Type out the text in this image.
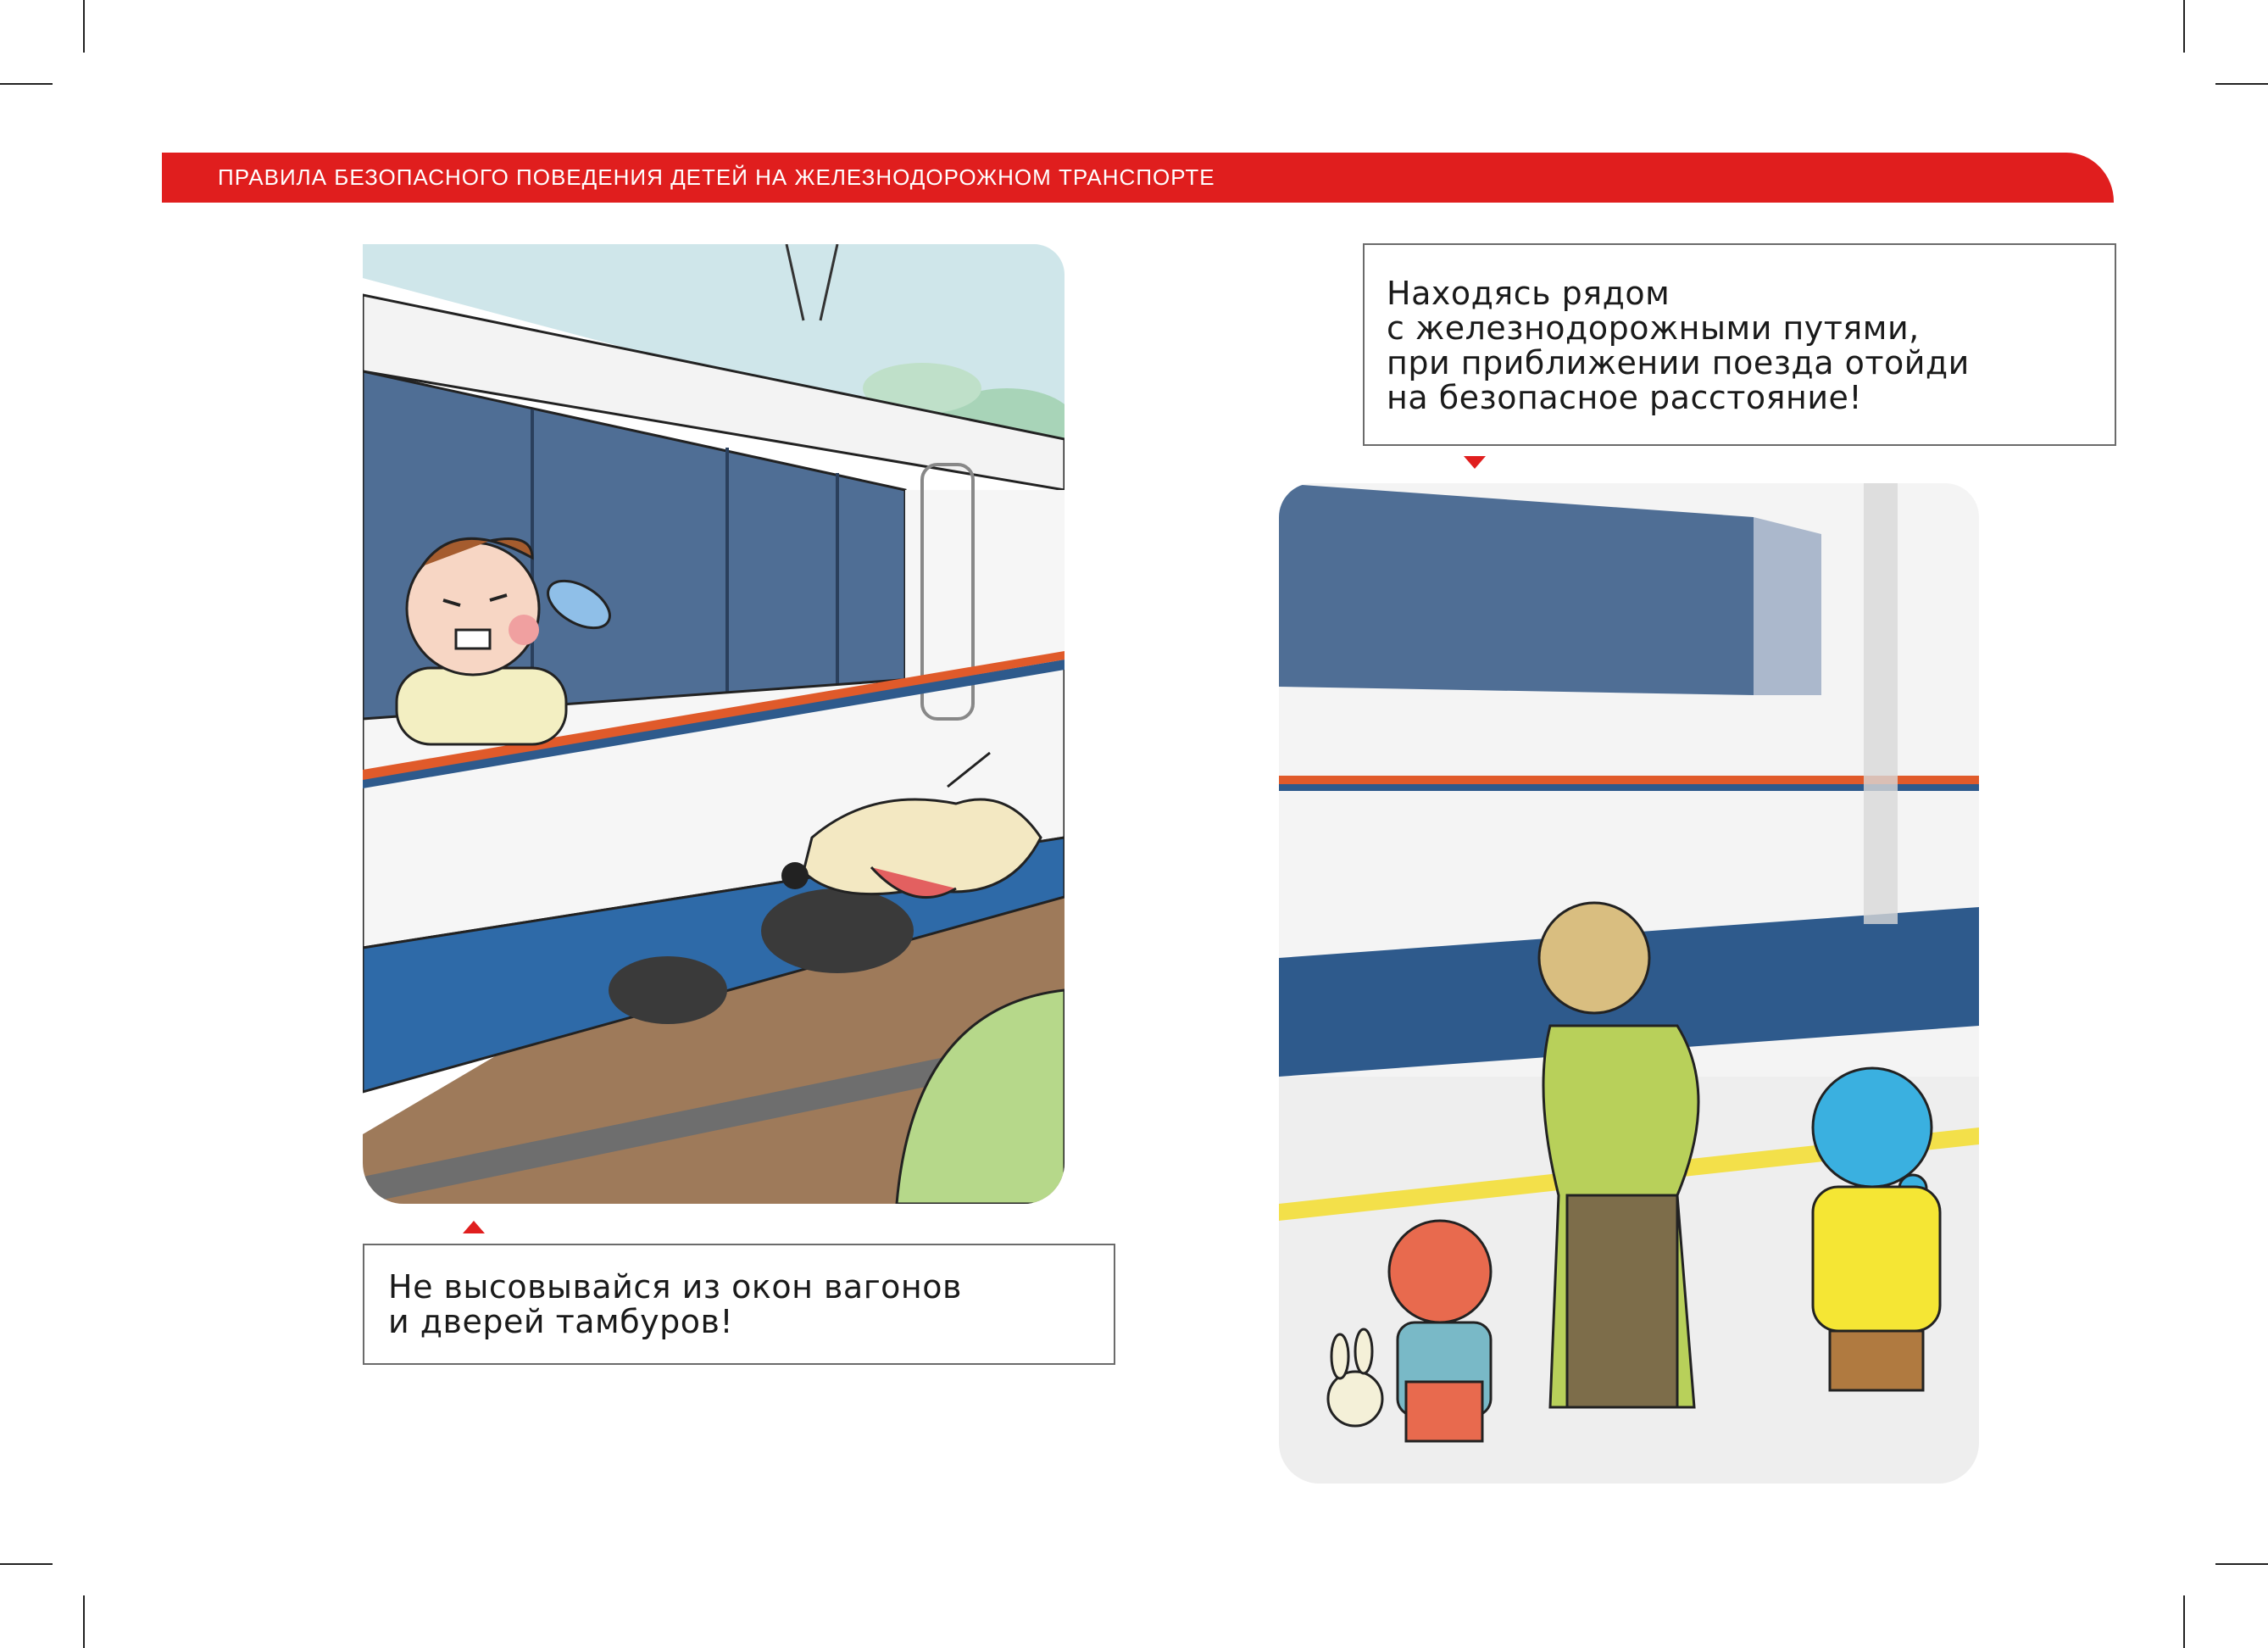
ПРАВИЛА БЕЗОПАСНОГО ПОВЕДЕНИЯ ДЕТЕЙ НА ЖЕЛЕЗНОДОРОЖНОМ ТРАНСПОРТЕ
Не высовывайся из окон вагонов
и дверей тамбуров!
Находясь рядом
с железнодорожными путями,
при приближении поезда отойди
на безопасное расстояние!
